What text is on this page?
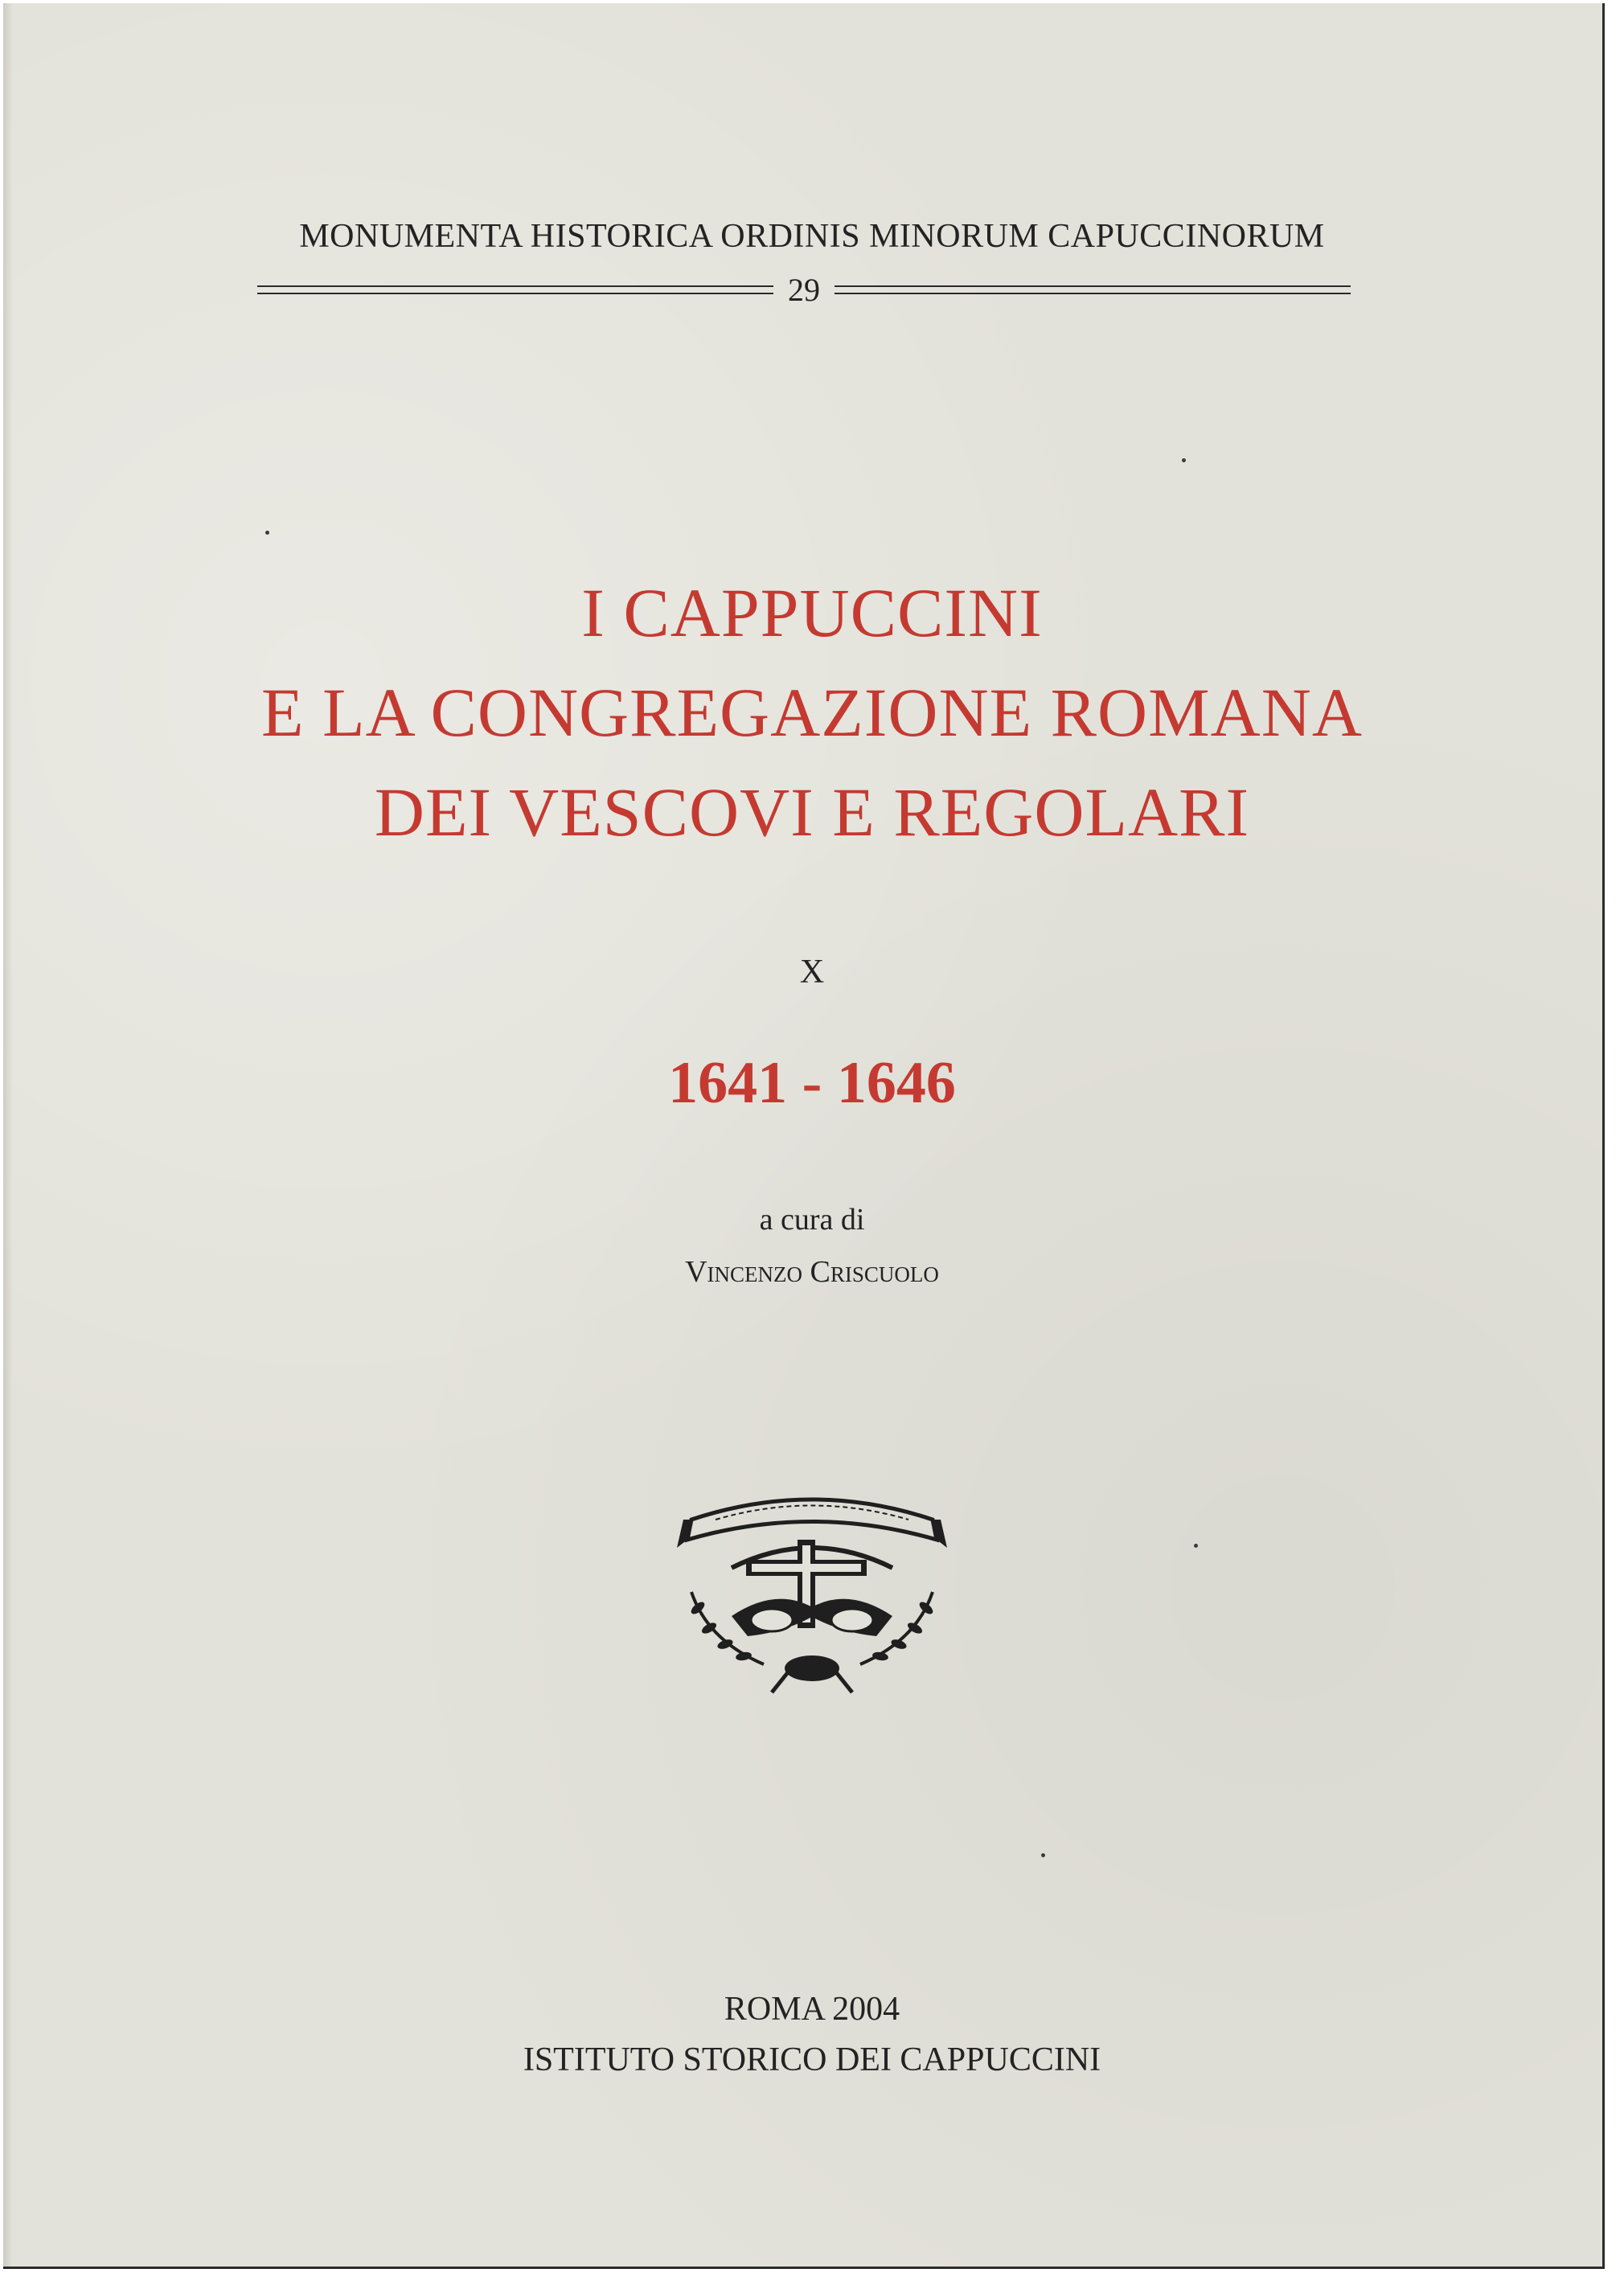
MONUMENTA HISTORICA ORDINIS MINORUM CAPUCCINORUM
29
I CAPPUCCINI
E LA CONGREGAZIONE ROMANA
DEI VESCOVI E REGOLARI
X
1641 - 1646
a cura di
Vincenzo Criscuolo
ROMA 2004
ISTITUTO STORICO DEI CAPPUCCINI
